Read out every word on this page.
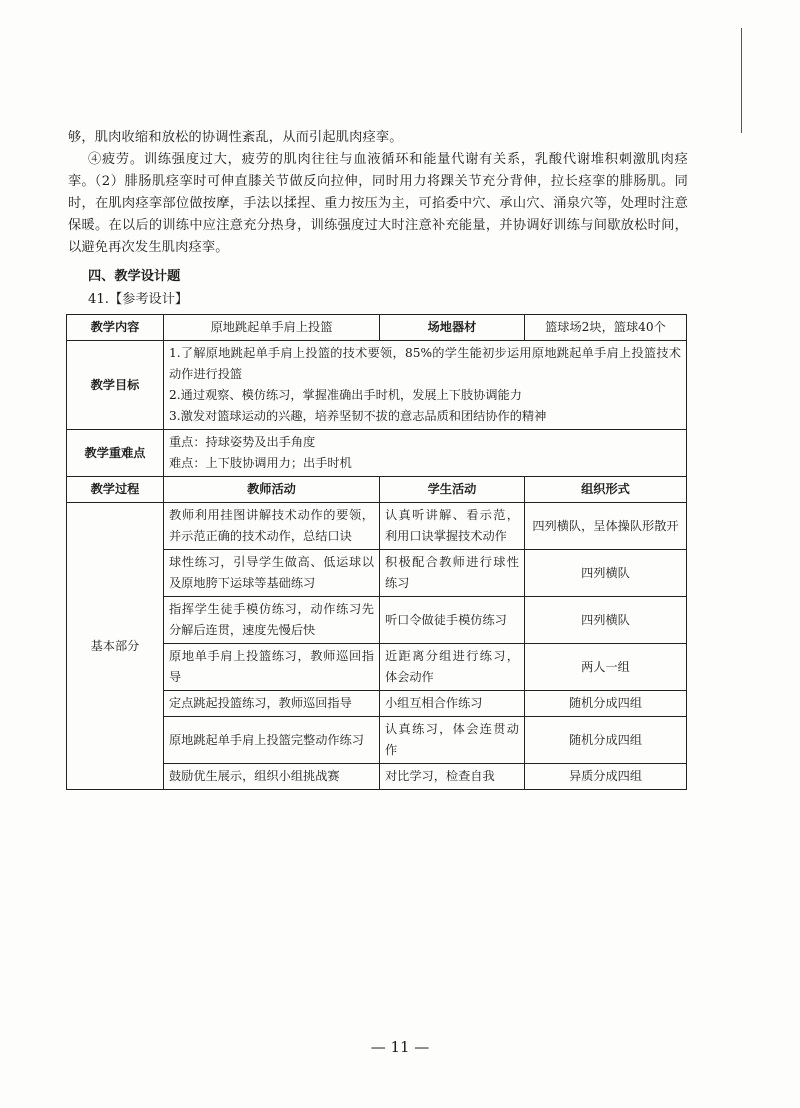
够，肌肉收缩和放松的协调性紊乱，从而引起肌肉痉挛。

④疲劳。训练强度过大，疲劳的肌肉往往与血液循环和能量代谢有关系，乳酸代谢堆积刺激肌肉痉挛。

（2）腓肠肌痉挛时可伸直膝关节做反向拉伸，同时用力将踝关节充分背伸，拉长痉挛的腓肠肌。同时，在肌肉痉挛部位做按摩，手法以揉捏、重力按压为主，可掐委中穴、承山穴、涌泉穴等，处理时注意保暖。在以后的训练中应注意充分热身，训练强度过大时注意补充能量，并协调好训练与间歇放松时间，以避免再次发生肌肉痉挛。

四、教学设计题

41.【参考设计】

教学内容	原地跳起单手肩上投篮	场地器材	篮球场2块，篮球40个
教学目标	1.了解原地跳起单手肩上投篮的技术要领，85%的学生能初步运用原地跳起单手肩上投篮技术动作进行投篮

2.通过观察、模仿练习，掌握准确出手时机，发展上下肢协调能力

3.激发对篮球运动的兴趣，培养坚韧不拔的意志品质和团结协作的精神		

教学重难点	重点：持球姿势及出手角度

难点：上下肢协调用力；出手时机		

教学过程	教师活动	学生活动	组织形式
基本部分	教师利用挂图讲解技术动作的要领，并示范正确的技术动作，总结口诀	认真听讲解、看示范，利用口诀掌握技术动作	四列横队，呈体操队形散开
	球性练习，引导学生做高、低运球以及原地胯下运球等基础练习	积极配合教师进行球性练习	四列横队
	指挥学生徒手模仿练习，动作练习先分解后连贯，速度先慢后快	听口令做徒手模仿练习	四列横队
	原地单手肩上投篮练习，教师巡回指导	近距离分组进行练习，体会动作	两人一组
	定点跳起投篮练习，教师巡回指导	小组互相合作练习	随机分成四组
	原地跳起单手肩上投篮完整动作练习	认真练习，体会连贯动作	随机分成四组
	鼓励优生展示，组织小组挑战赛	对比学习，检查自我	异质分成四组
— 11 —
